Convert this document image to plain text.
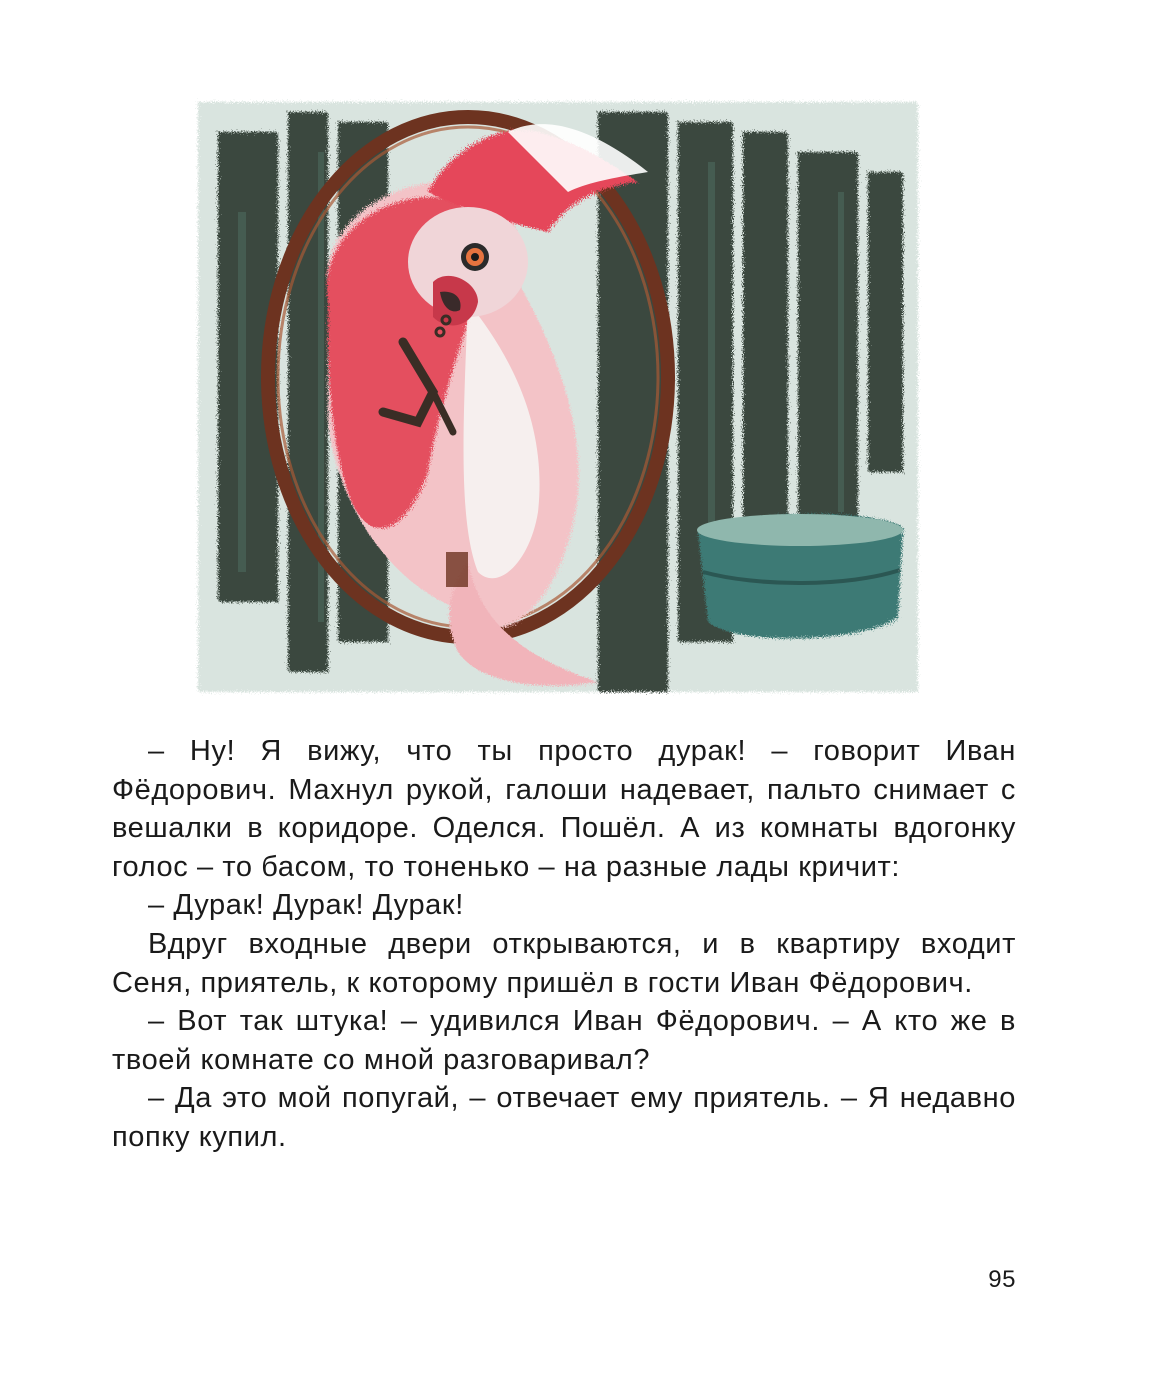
– Ну! Я вижу, что ты просто дурак! – говорит Иван Фёдорович. Махнул рукой, галоши надевает, пальто снимает с вешалки в коридоре. Оделся. Пошёл. А из комнаты вдогонку голос – то басом, то тоненько – на разные лады кричит:

– Дурак! Дурак! Дурак!

Вдруг входные двери открываются, и в квартиру входит Сеня, приятель, к которому пришёл в гости Иван Фёдорович.

– Вот так штука! – удивился Иван Фёдорович. – А кто же в твоей комнате со мной разговаривал?

– Да это мой попугай, – отвечает ему приятель. – Я недавно попку купил.

95
